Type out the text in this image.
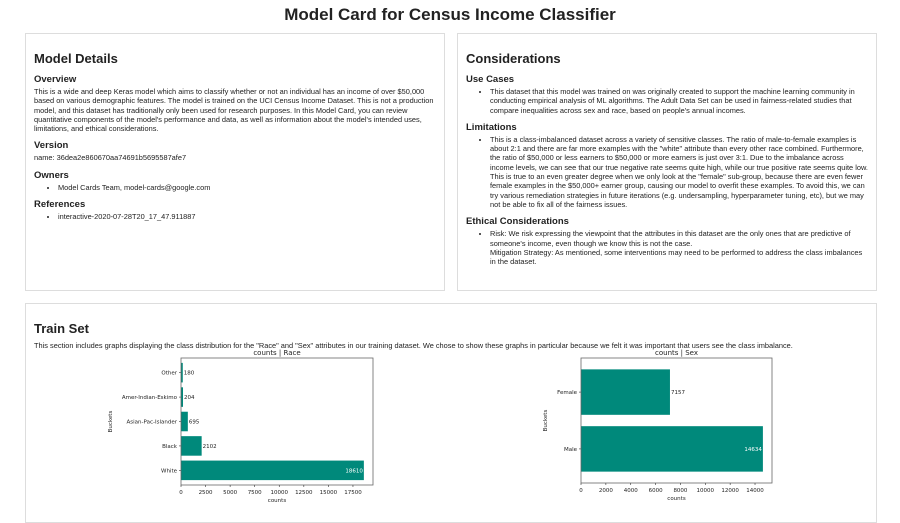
Model Card for Census Income Classifier
Model Details
Overview

This is a wide and deep Keras model which aims to classify whether or not an individual has an income of over $50,000 based on various demographic features. The model is trained on the UCI Census Income Dataset. This is not a production model, and this dataset has traditionally only been used for research purposes. In this Model Card, you can review quantitative components of the model's performance and data, as well as information about the model's intended uses, limitations, and ethical considerations.

Version

name: 36dea2e860670aa74691b5695587afe7

Owners
• Model Cards Team, model-cards@google.com
References
• interactive-2020-07-28T20_17_47.911887
Considerations
Use Cases
• This dataset that this model was trained on was originally created to support the machine learning community in conducting empirical analysis of ML algorithms. The Adult Data Set can be used in fairness-related studies that compare inequalities across sex and race, based on people's annual incomes.
Limitations
• This is a class-imbalanced dataset across a variety of sensitive classes. The ratio of male-to-female examples is about 2:1 and there are far more examples with the "white" attribute than every other race combined. Furthermore, the ratio of $50,000 or less earners to $50,000 or more earners is just over 3:1. Due to the imbalance across income levels, we can see that our true negative rate seems quite high, while our true positive rate seems quite low. This is true to an even greater degree when we only look at the "female" sub-group, because there are even fewer female examples in the $50,000+ earner group, causing our model to overfit these examples. To avoid this, we can try various remediation strategies in future iterations (e.g. undersampling, hyperparameter tuning, etc), but we may not be able to fix all of the fairness issues.
Ethical Considerations
• Risk: We risk expressing the viewpoint that the attributes in this dataset are the only ones that are predictive of someone's income, even though we know this is not the case.
Mitigation Strategy: As mentioned, some interventions may need to be performed to address the class imbalances in the dataset.
Train Set

This section includes graphs displaying the class distribution for the "Race" and "Sex" attributes in our training dataset. We chose to show these graphs in particular because we felt it was important that users see the class imbalance.

counts | Race
Other 180
Amer-Indian-Eskimo 204
Asian-Pac-Islander 695
Black	2102
White	18610
0	2500 5000 7500 10000 12500 15000 17500
counts
Buckets
counts | Sex
Female	7157
Male	14634
0	2000 4000 6000 8000 10000 12000 14000
counts
Buckets
